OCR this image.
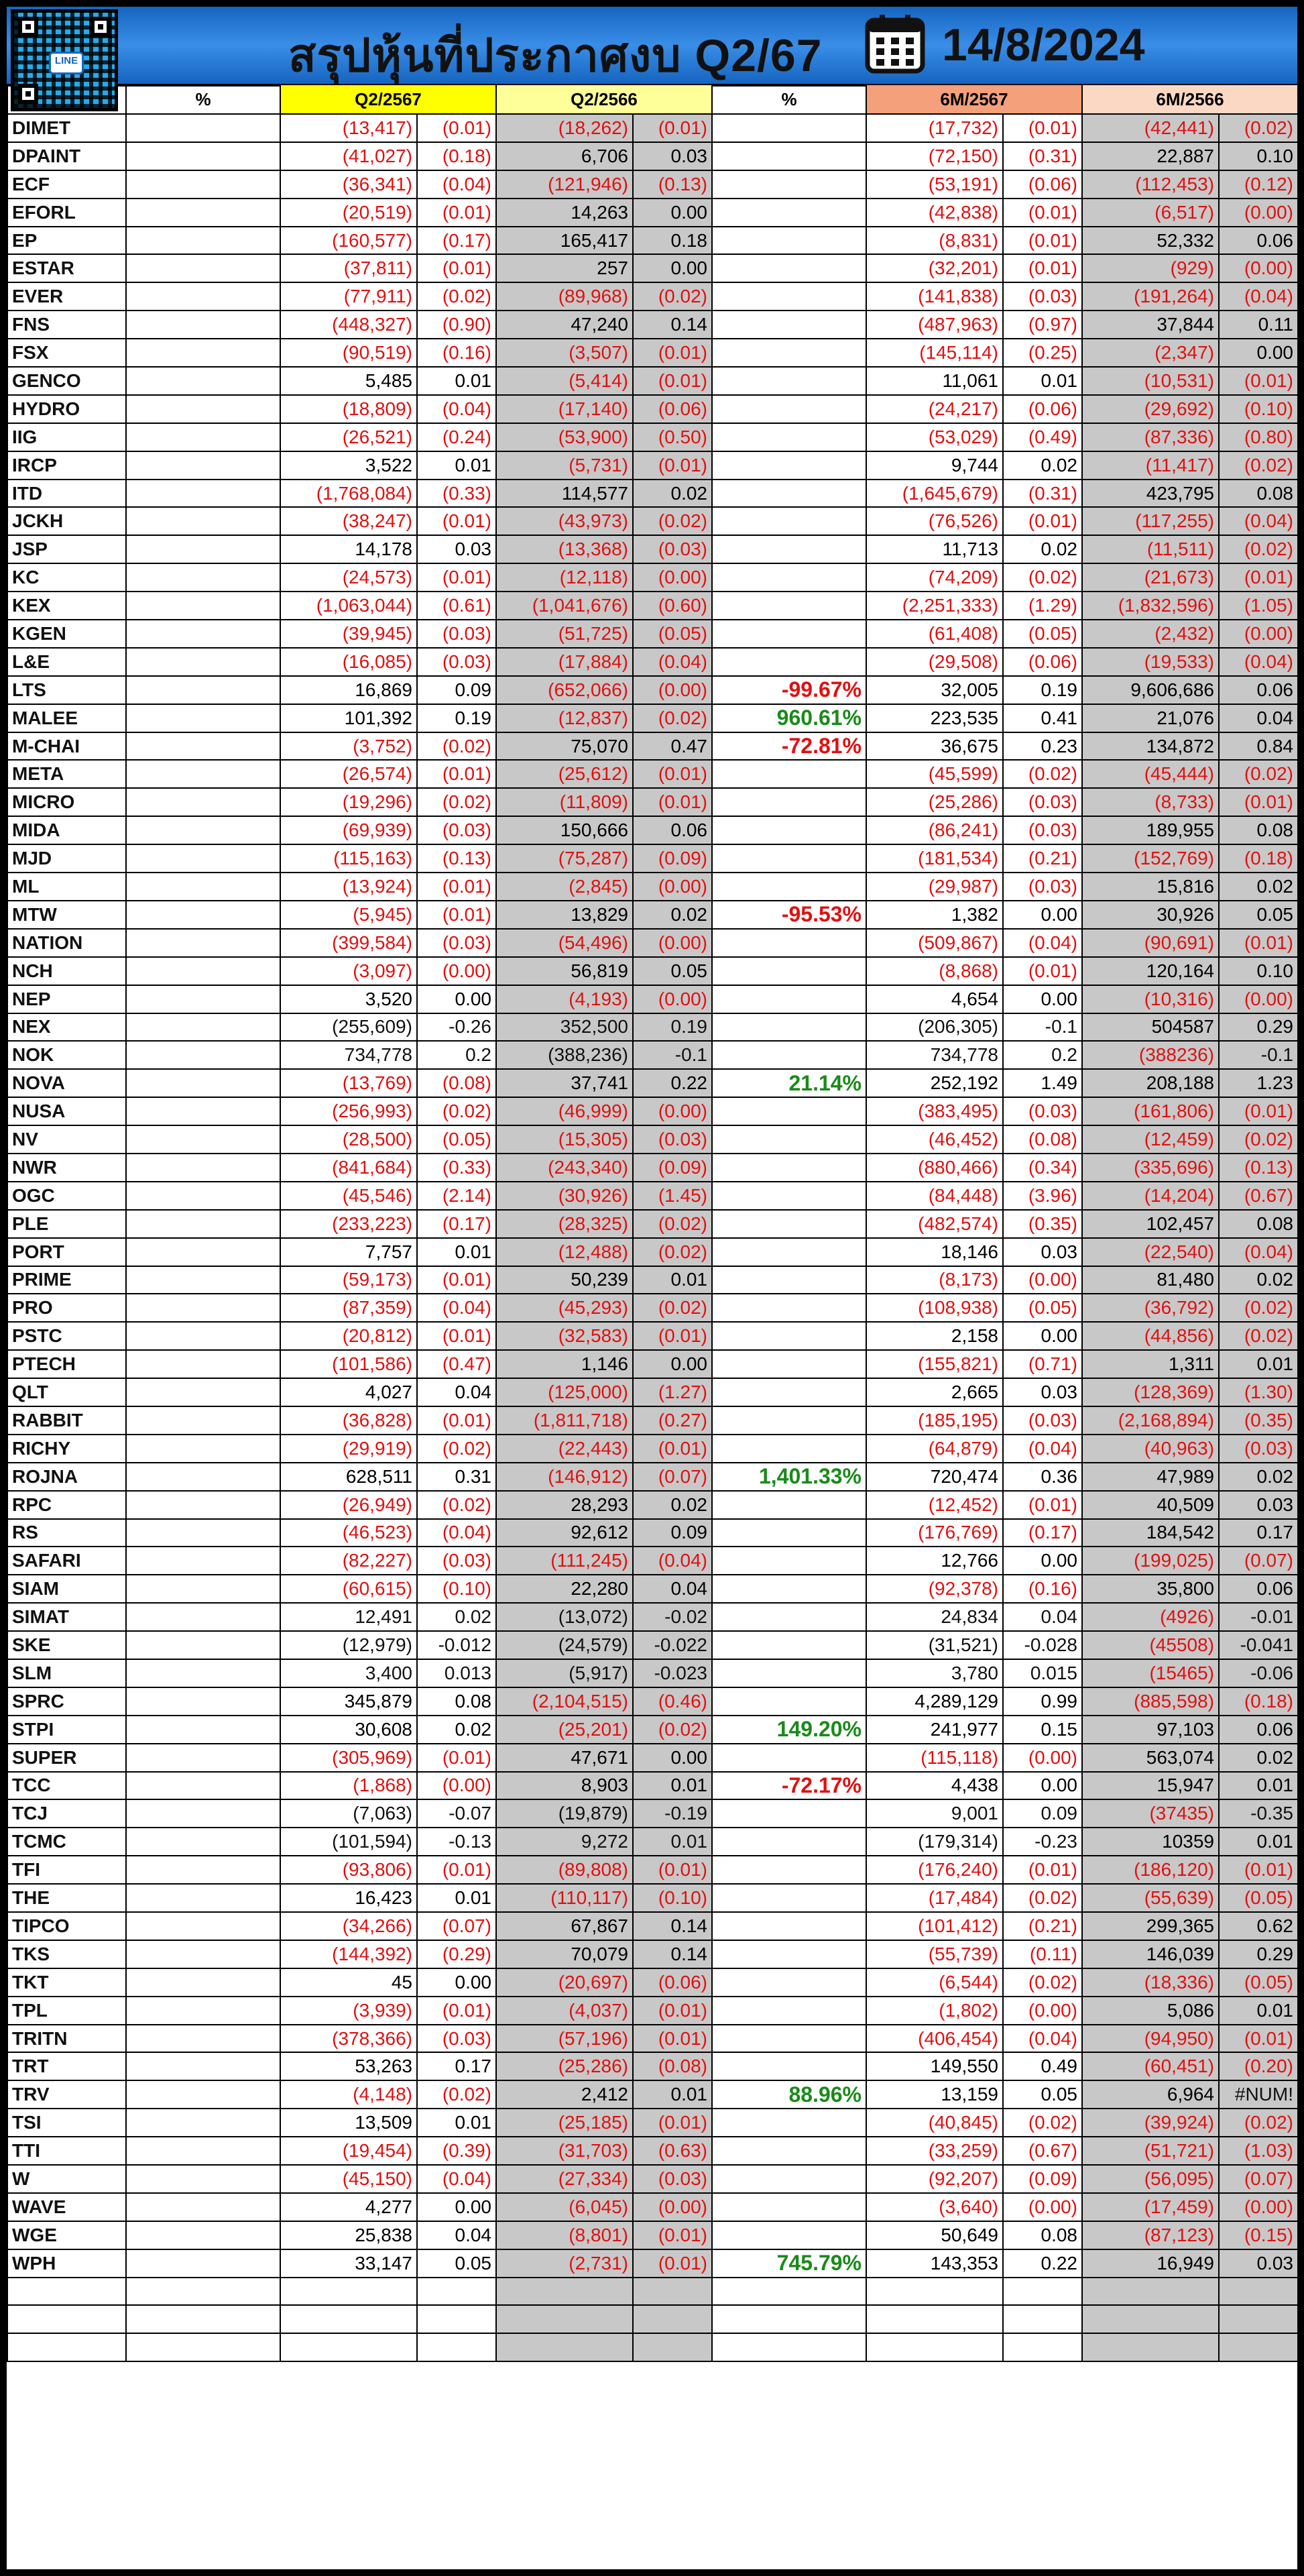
สรุปหุ้นที่ประกาศงบ Q2/67	14/8/2024
LINE
	%	Q2/2567		Q2/2566		%	6M/2567		6M/2566	
DIMET		(13,417)	(0.01)	(18,262)	(0.01)		(17,732)	(0.01)	(42,441)	(0.02)
DPAINT		(41,027)	(0.18)	6,706	0.03		(72,150)	(0.31)	22,887	0.10
ECF		(36,341)	(0.04)	(121,946)	(0.13)		(53,191)	(0.06)	(112,453)	(0.12)
EFORL		(20,519)	(0.01)	14,263	0.00		(42,838)	(0.01)	(6,517)	(0.00)
EP		(160,577)	(0.17)	165,417	0.18		(8,831)	(0.01)	52,332	0.06
ESTAR		(37,811)	(0.01)	257	0.00		(32,201)	(0.01)	(929)	(0.00)
EVER		(77,911)	(0.02)	(89,968)	(0.02)		(141,838)	(0.03)	(191,264)	(0.04)
FNS		(448,327)	(0.90)	47,240	0.14		(487,963)	(0.97)	37,844	0.11
FSX		(90,519)	(0.16)	(3,507)	(0.01)		(145,114)	(0.25)	(2,347)	0.00
GENCO		5,485	0.01	(5,414)	(0.01)		11,061	0.01	(10,531)	(0.01)
HYDRO		(18,809)	(0.04)	(17,140)	(0.06)		(24,217)	(0.06)	(29,692)	(0.10)
IIG		(26,521)	(0.24)	(53,900)	(0.50)		(53,029)	(0.49)	(87,336)	(0.80)
IRCP		3,522	0.01	(5,731)	(0.01)		9,744	0.02	(11,417)	(0.02)
ITD		(1,768,084)	(0.33)	114,577	0.02		(1,645,679)	(0.31)	423,795	0.08
JCKH		(38,247)	(0.01)	(43,973)	(0.02)		(76,526)	(0.01)	(117,255)	(0.04)
JSP		14,178	0.03	(13,368)	(0.03)		11,713	0.02	(11,511)	(0.02)
KC		(24,573)	(0.01)	(12,118)	(0.00)		(74,209)	(0.02)	(21,673)	(0.01)
KEX		(1,063,044)	(0.61)	(1,041,676)	(0.60)		(2,251,333)	(1.29)	(1,832,596)	(1.05)
KGEN		(39,945)	(0.03)	(51,725)	(0.05)		(61,408)	(0.05)	(2,432)	(0.00)
L&E		(16,085)	(0.03)	(17,884)	(0.04)		(29,508)	(0.06)	(19,533)	(0.04)
LTS		16,869	0.09	(652,066)	(0.00)	-99.67%	32,005	0.19	9,606,686	0.06
MALEE		101,392	0.19	(12,837)	(0.02)	960.61%	223,535	0.41	21,076	0.04
M-CHAI		(3,752)	(0.02)	75,070	0.47	-72.81%	36,675	0.23	134,872	0.84
META		(26,574)	(0.01)	(25,612)	(0.01)		(45,599)	(0.02)	(45,444)	(0.02)
MICRO		(19,296)	(0.02)	(11,809)	(0.01)		(25,286)	(0.03)	(8,733)	(0.01)
MIDA		(69,939)	(0.03)	150,666	0.06		(86,241)	(0.03)	189,955	0.08
MJD		(115,163)	(0.13)	(75,287)	(0.09)		(181,534)	(0.21)	(152,769)	(0.18)
ML		(13,924)	(0.01)	(2,845)	(0.00)		(29,987)	(0.03)	15,816	0.02
MTW		(5,945)	(0.01)	13,829	0.02	-95.53%	1,382	0.00	30,926	0.05
NATION		(399,584)	(0.03)	(54,496)	(0.00)		(509,867)	(0.04)	(90,691)	(0.01)
NCH		(3,097)	(0.00)	56,819	0.05		(8,868)	(0.01)	120,164	0.10
NEP		3,520	0.00	(4,193)	(0.00)		4,654	0.00	(10,316)	(0.00)
NEX		(255,609)	-0.26	352,500	0.19		(206,305)	-0.1	504587	0.29
NOK		734,778	0.2	(388,236)	-0.1		734,778	0.2	(388236)	-0.1
NOVA		(13,769)	(0.08)	37,741	0.22	21.14%	252,192	1.49	208,188	1.23
NUSA		(256,993)	(0.02)	(46,999)	(0.00)		(383,495)	(0.03)	(161,806)	(0.01)
NV		(28,500)	(0.05)	(15,305)	(0.03)		(46,452)	(0.08)	(12,459)	(0.02)
NWR		(841,684)	(0.33)	(243,340)	(0.09)		(880,466)	(0.34)	(335,696)	(0.13)
OGC		(45,546)	(2.14)	(30,926)	(1.45)		(84,448)	(3.96)	(14,204)	(0.67)
PLE		(233,223)	(0.17)	(28,325)	(0.02)		(482,574)	(0.35)	102,457	0.08
PORT		7,757	0.01	(12,488)	(0.02)		18,146	0.03	(22,540)	(0.04)
PRIME		(59,173)	(0.01)	50,239	0.01		(8,173)	(0.00)	81,480	0.02
PRO		(87,359)	(0.04)	(45,293)	(0.02)		(108,938)	(0.05)	(36,792)	(0.02)
PSTC		(20,812)	(0.01)	(32,583)	(0.01)		2,158	0.00	(44,856)	(0.02)
PTECH		(101,586)	(0.47)	1,146	0.00		(155,821)	(0.71)	1,311	0.01
QLT		4,027	0.04	(125,000)	(1.27)		2,665	0.03	(128,369)	(1.30)
RABBIT		(36,828)	(0.01)	(1,811,718)	(0.27)		(185,195)	(0.03)	(2,168,894)	(0.35)
RICHY		(29,919)	(0.02)	(22,443)	(0.01)		(64,879)	(0.04)	(40,963)	(0.03)
ROJNA		628,511	0.31	(146,912)	(0.07)	1,401.33%	720,474	0.36	47,989	0.02
RPC		(26,949)	(0.02)	28,293	0.02		(12,452)	(0.01)	40,509	0.03
RS		(46,523)	(0.04)	92,612	0.09		(176,769)	(0.17)	184,542	0.17
SAFARI		(82,227)	(0.03)	(111,245)	(0.04)		12,766	0.00	(199,025)	(0.07)
SIAM		(60,615)	(0.10)	22,280	0.04		(92,378)	(0.16)	35,800	0.06
SIMAT		12,491	0.02	(13,072)	-0.02		24,834	0.04	(4926)	-0.01
SKE		(12,979)	-0.012	(24,579)	-0.022		(31,521)	-0.028	(45508)	-0.041
SLM		3,400	0.013	(5,917)	-0.023		3,780	0.015	(15465)	-0.06
SPRC		345,879	0.08	(2,104,515)	(0.46)		4,289,129	0.99	(885,598)	(0.18)
STPI		30,608	0.02	(25,201)	(0.02)	149.20%	241,977	0.15	97,103	0.06
SUPER		(305,969)	(0.01)	47,671	0.00		(115,118)	(0.00)	563,074	0.02
TCC		(1,868)	(0.00)	8,903	0.01	-72.17%	4,438	0.00	15,947	0.01
TCJ		(7,063)	-0.07	(19,879)	-0.19		9,001	0.09	(37435)	-0.35
TCMC		(101,594)	-0.13	9,272	0.01		(179,314)	-0.23	10359	0.01
TFI		(93,806)	(0.01)	(89,808)	(0.01)		(176,240)	(0.01)	(186,120)	(0.01)
THE		16,423	0.01	(110,117)	(0.10)		(17,484)	(0.02)	(55,639)	(0.05)
TIPCO		(34,266)	(0.07)	67,867	0.14		(101,412)	(0.21)	299,365	0.62
TKS		(144,392)	(0.29)	70,079	0.14		(55,739)	(0.11)	146,039	0.29
TKT		45	0.00	(20,697)	(0.06)		(6,544)	(0.02)	(18,336)	(0.05)
TPL		(3,939)	(0.01)	(4,037)	(0.01)		(1,802)	(0.00)	5,086	0.01
TRITN		(378,366)	(0.03)	(57,196)	(0.01)		(406,454)	(0.04)	(94,950)	(0.01)
TRT		53,263	0.17	(25,286)	(0.08)		149,550	0.49	(60,451)	(0.20)
TRV		(4,148)	(0.02)	2,412	0.01	88.96%	13,159	0.05	6,964	#NUM!
TSI		13,509	0.01	(25,185)	(0.01)		(40,845)	(0.02)	(39,924)	(0.02)
TTI		(19,454)	(0.39)	(31,703)	(0.63)		(33,259)	(0.67)	(51,721)	(1.03)
W		(45,150)	(0.04)	(27,334)	(0.03)		(92,207)	(0.09)	(56,095)	(0.07)
WAVE		4,277	0.00	(6,045)	(0.00)		(3,640)	(0.00)	(17,459)	(0.00)
WGE		25,838	0.04	(8,801)	(0.01)		50,649	0.08	(87,123)	(0.15)
WPH		33,147	0.05	(2,731)	(0.01)	745.79%	143,353	0.22	16,949	0.03
